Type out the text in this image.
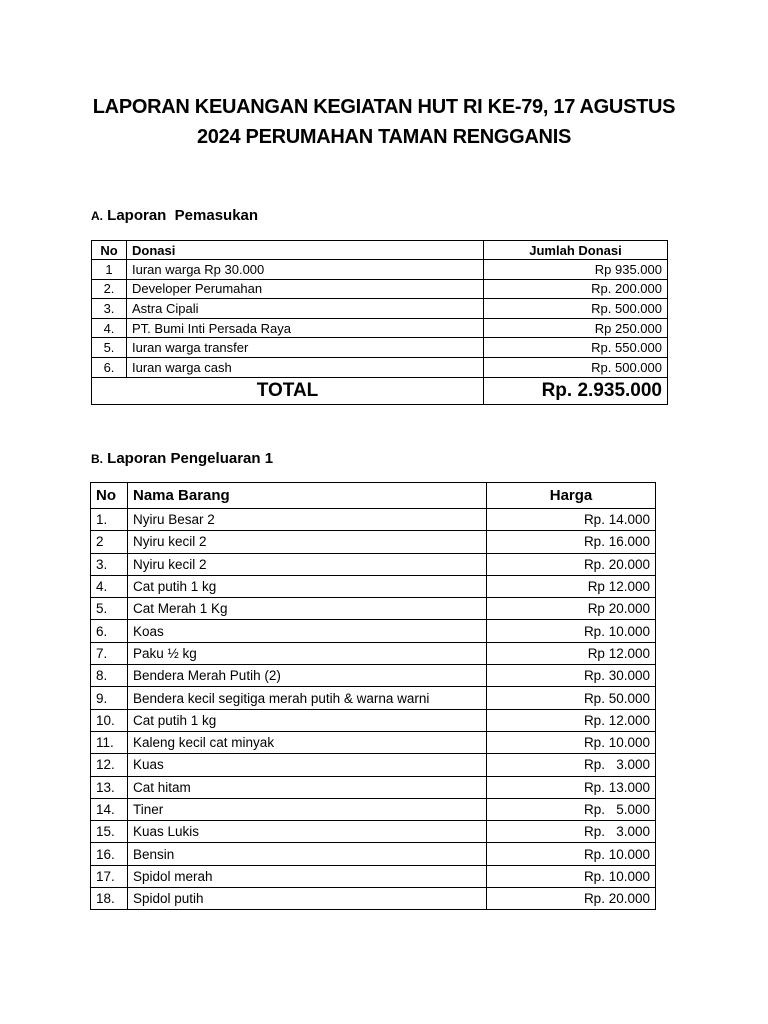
LAPORAN KEUANGAN KEGIATAN HUT RI KE-79, 17 AGUSTUS
2024 PERUMAHAN TAMAN RENGGANIS
A. Laporan  Pemasukan
No	Donasi	Jumlah Donasi
1	Iuran warga Rp 30.000	Rp 935.000
2.	Developer Perumahan	Rp. 200.000
3.	Astra Cipali	Rp. 500.000
4.	PT. Bumi Inti Persada Raya	Rp 250.000
5.	Iuran warga transfer	Rp. 550.000
6.	Iuran warga cash	Rp. 500.000
TOTAL		Rp. 2.935.000
B. Laporan Pengeluaran 1
No	Nama Barang	Harga
1.	Nyiru Besar 2	Rp. 14.000
2	Nyiru kecil 2	Rp. 16.000
3.	Nyiru kecil 2	Rp. 20.000
4.	Cat putih 1 kg	Rp 12.000
5.	Cat Merah 1 Kg	Rp 20.000
6.	Koas	Rp. 10.000
7.	Paku ½ kg	Rp 12.000
8.	Bendera Merah Putih (2)	Rp. 30.000
9.	Bendera kecil segitiga merah putih & warna warni	Rp. 50.000
10.	Cat putih 1 kg	Rp. 12.000
11.	Kaleng kecil cat minyak	Rp. 10.000
12.	Kuas	Rp.   3.000
13.	Cat hitam	Rp. 13.000
14.	Tiner	Rp.   5.000
15.	Kuas Lukis	Rp.   3.000
16.	Bensin	Rp. 10.000
17.	Spidol merah	Rp. 10.000
18.	Spidol putih	Rp. 20.000
